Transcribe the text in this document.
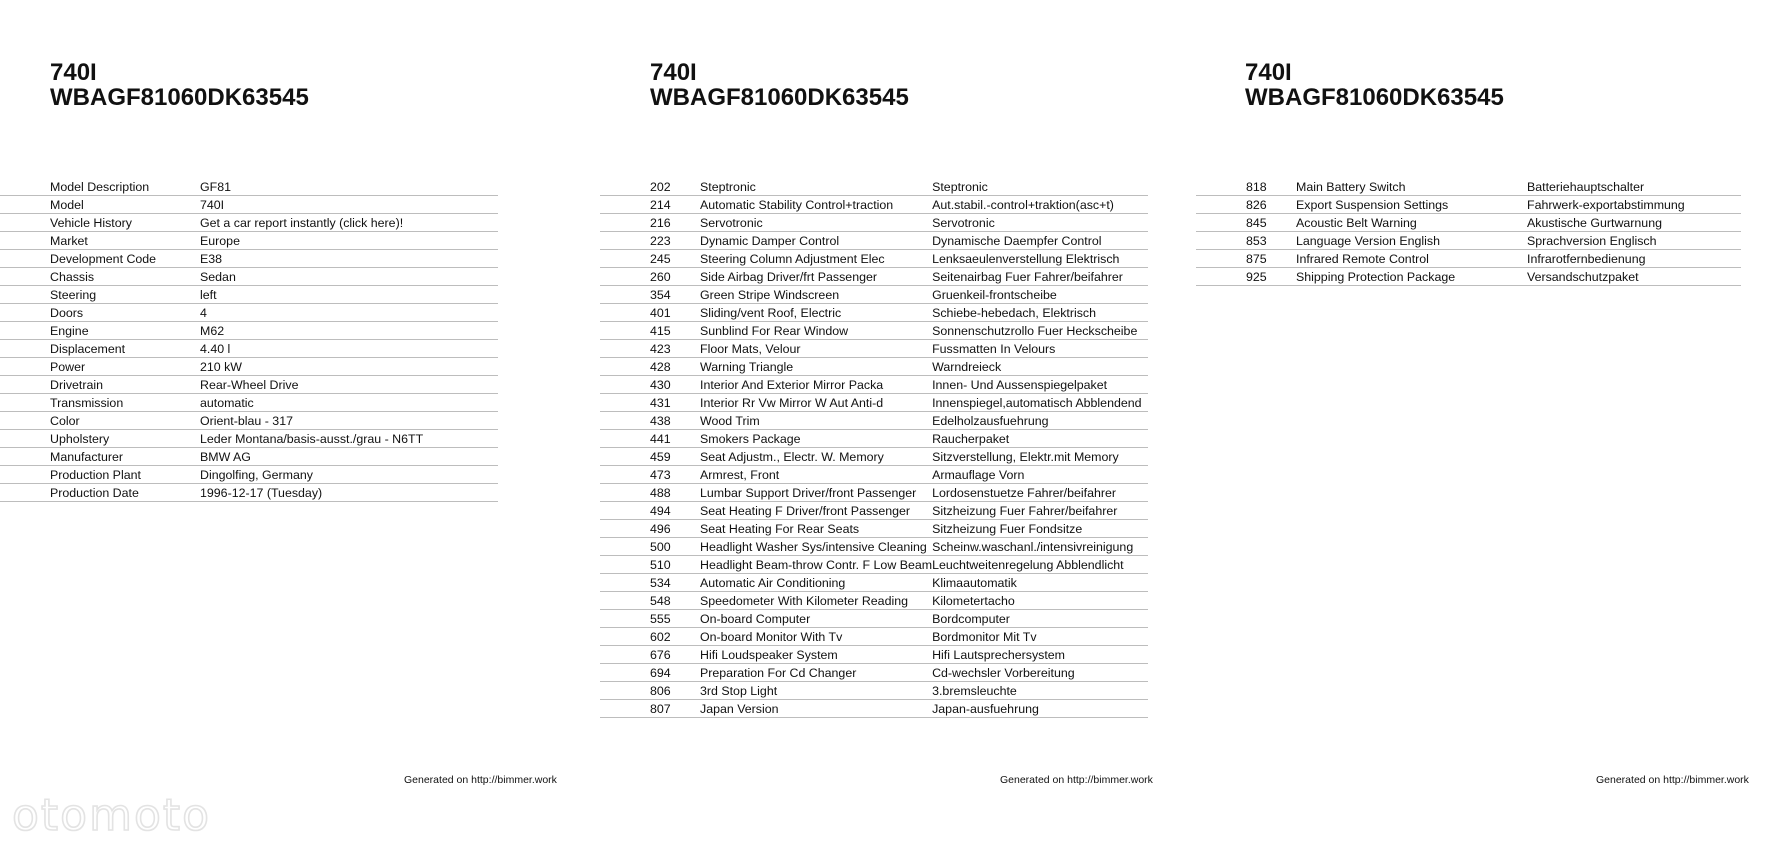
740I
WBAGF81060DK63545
Model Description	GF81
Model	740I
Vehicle History	Get a car report instantly (click here)!
Market	Europe
Development Code	E38
Chassis	Sedan
Steering	left
Doors	4
Engine	M62
Displacement	4.40 l
Power	210 kW
Drivetrain	Rear-Wheel Drive
Transmission	automatic
Color	Orient-blau - 317
Upholstery	Leder Montana/basis-ausst./grau - N6TT
Manufacturer	BMW AG
Production Plant	Dingolfing, Germany
Production Date	1996-12-17 (Tuesday)
Generated on http://bimmer.work
otomoto
740I
WBAGF81060DK63545
202	Steptronic	Steptronic
214	Automatic Stability Control+traction	Aut.stabil.-control+traktion(asc+t)
216	Servotronic	Servotronic
223	Dynamic Damper Control	Dynamische Daempfer Control
245	Steering Column Adjustment Elec	Lenksaeulenverstellung Elektrisch
260	Side Airbag Driver/frt Passenger	Seitenairbag Fuer Fahrer/beifahrer
354	Green Stripe Windscreen	Gruenkeil-frontscheibe
401	Sliding/vent Roof, Electric	Schiebe-hebedach, Elektrisch
415	Sunblind For Rear Window	Sonnenschutzrollo Fuer Heckscheibe
423	Floor Mats, Velour	Fussmatten In Velours
428	Warning Triangle	Warndreieck
430	Interior And Exterior Mirror Packa	Innen- Und Aussenspiegelpaket
431	Interior Rr Vw Mirror W Aut Anti-d	Innenspiegel,automatisch Abblendend
438	Wood Trim	Edelholzausfuehrung
441	Smokers Package	Raucherpaket
459	Seat Adjustm., Electr. W. Memory	Sitzverstellung, Elektr.mit Memory
473	Armrest, Front	Armauflage Vorn
488	Lumbar Support Driver/front Passenger	Lordosenstuetze Fahrer/beifahrer
494	Seat Heating F Driver/front Passenger	Sitzheizung Fuer Fahrer/beifahrer
496	Seat Heating For Rear Seats	Sitzheizung Fuer Fondsitze
500	Headlight Washer Sys/intensive Cleaning	Scheinw.waschanl./intensivreinigung
510	Headlight Beam-throw Contr. F Low Beam	Leuchtweitenregelung Abblendlicht
534	Automatic Air Conditioning	Klimaautomatik
548	Speedometer With Kilometer Reading	Kilometertacho
555	On-board Computer	Bordcomputer
602	On-board Monitor With Tv	Bordmonitor Mit Tv
676	Hifi Loudspeaker System	Hifi Lautsprechersystem
694	Preparation For Cd Changer	Cd-wechsler Vorbereitung
806	3rd Stop Light	3.bremsleuchte
807	Japan Version	Japan-ausfuehrung
Generated on http://bimmer.work
740I
WBAGF81060DK63545
818	Main Battery Switch	Batteriehauptschalter
826	Export Suspension Settings	Fahrwerk-exportabstimmung
845	Acoustic Belt Warning	Akustische Gurtwarnung
853	Language Version English	Sprachversion Englisch
875	Infrared Remote Control	Infrarotfernbedienung
925	Shipping Protection Package	Versandschutzpaket
Generated on http://bimmer.work
